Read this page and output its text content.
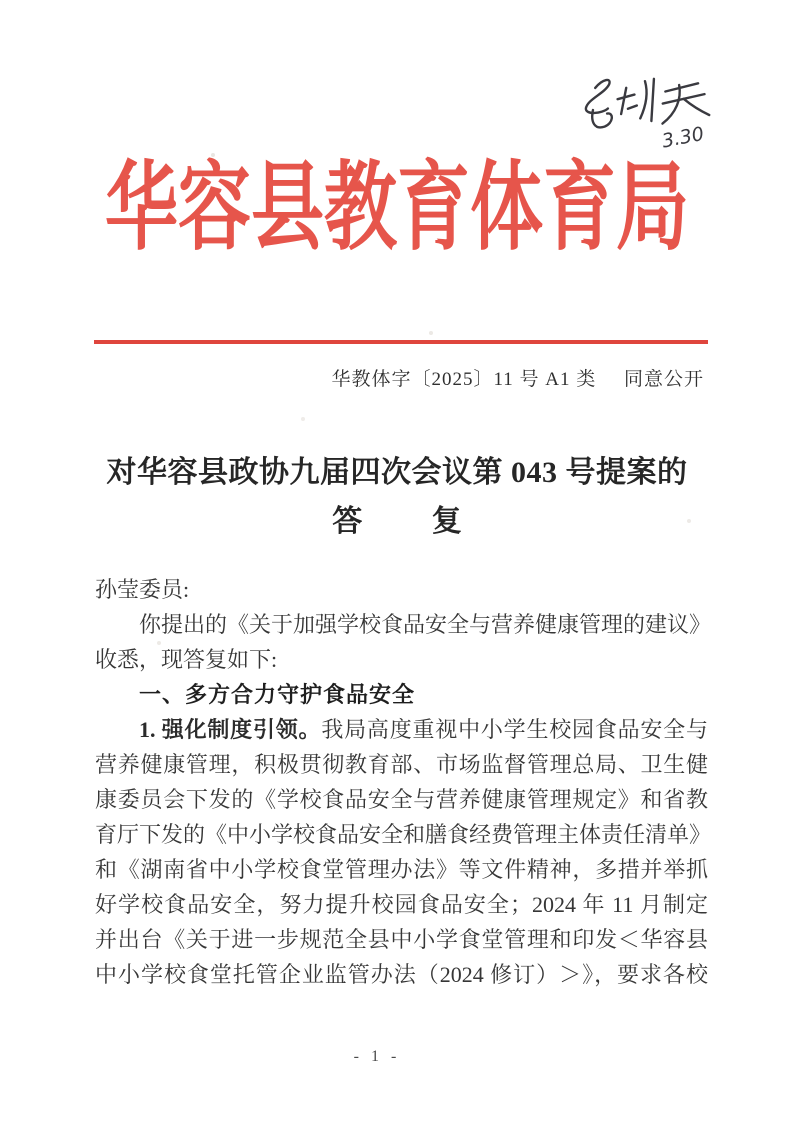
3.30
华容县教育体育局
华教体字〔2025〕11 号 A1 类 同意公开
对华容县政协九届四次会议第 043 号提案的
答 复
孙莹委员:
你提出的《关于加强学校食品安全与营养健康管理的建议》
收悉，现答复如下:
一、多方合力守护食品安全
1. 强化制度引领。我局高度重视中小学生校园食品安全与
营养健康管理，积极贯彻教育部、市场监督管理总局、卫生健
康委员会下发的《学校食品安全与营养健康管理规定》和省教
育厅下发的《中小学校食品安全和膳食经费管理主体责任清单》
和《湖南省中小学校食堂管理办法》等文件精神，多措并举抓
好学校食品安全，努力提升校园食品安全；2024 年 11 月制定
并出台《关于进一步规范全县中小学食堂管理和印发＜华容县
中小学校食堂托管企业监管办法（2024 修订）＞》，要求各校
- 1 -
